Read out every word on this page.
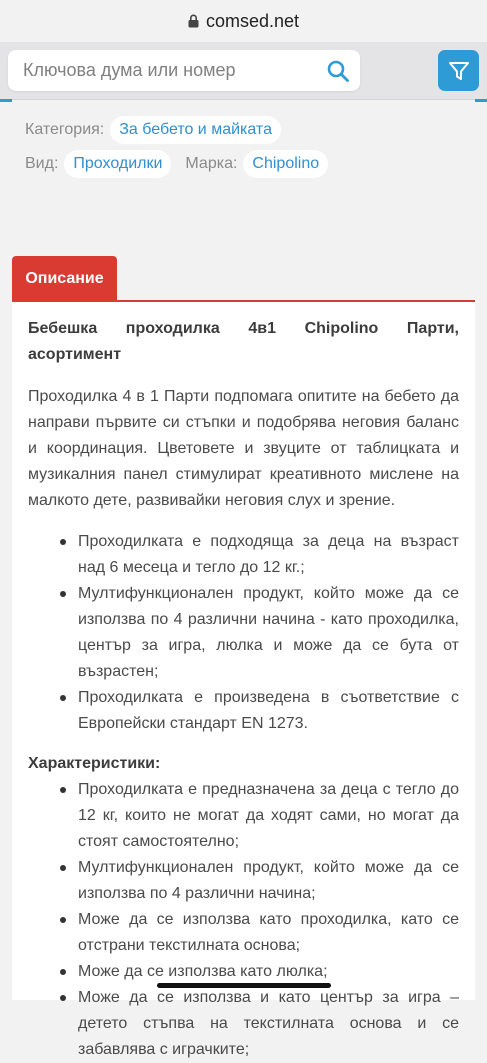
comsed.net
Ключова дума или номер
Категория: За бебето и майката
Вид: Проходилки	Марка: Chipolino
Описание
Бебешка проходилка 4в1 Chipolino Парти, асортимент
Проходилка 4 в 1 Парти подпомага опитите на бебето да направи първите си стъпки и подобрява неговия баланс и координация. Цветовете и звуците от таблицката и музикалния панел стимулират креативното мислене на малкото дете, развивайки неговия слух и зрение.
Проходилката е подходяща за деца на възраст над 6 месеца и тегло до 12 кг.;
Мултифункционален продукт, който може да се използва по 4 различни начина - като проходилка, център за игра, люлка и може да се бута от възрастен;
Проходилката е произведена в съответствие с Европейски стандарт EN 1273.
Характеристики:
Проходилката е предназначена за деца с тегло до 12 кг, които не могат да ходят сами, но могат да стоят самостоятелно;
Мултифункционален продукт, който може да се използва по 4 различни начина;
Може да се използва като проходилка, като се отстрани текстилната основа;
Може да се използва като люлка;
Може да се използва и като център за игра – детето стъпва на текстилната основа и се забавлява с играчките;
